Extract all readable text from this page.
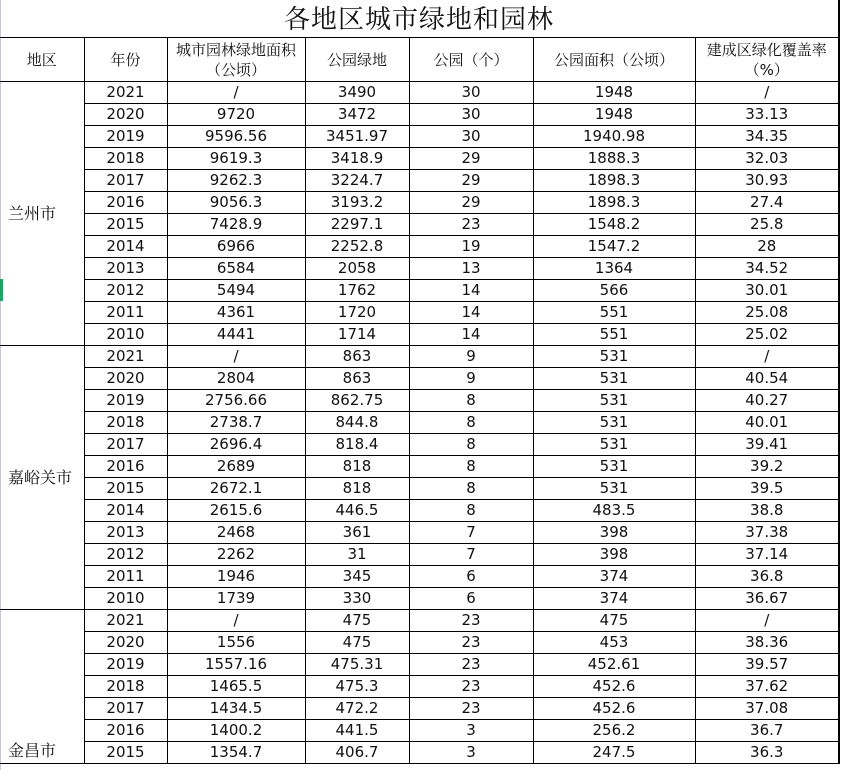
各地区城市绿地和园林
地区	年份	城市园林绿地面积（公顷）	公园绿地	公园（个）	公园面积（公顷）	建成区绿化覆盖率（%）
兰州市	2021	/	3490	30	1948	/
	2020	9720	3472	30	1948	33.13
	2019	9596.56	3451.97	30	1940.98	34.35
	2018	9619.3	3418.9	29	1888.3	32.03
	2017	9262.3	3224.7	29	1898.3	30.93
	2016	9056.3	3193.2	29	1898.3	27.4
	2015	7428.9	2297.1	23	1548.2	25.8
	2014	6966	2252.8	19	1547.2	28
	2013	6584	2058	13	1364	34.52
	2012	5494	1762	14	566	30.01
	2011	4361	1720	14	551	25.08
	2010	4441	1714	14	551	25.02
嘉峪关市	2021	/	863	9	531	/
	2020	2804	863	9	531	40.54
	2019	2756.66	862.75	8	531	40.27
	2018	2738.7	844.8	8	531	40.01
	2017	2696.4	818.4	8	531	39.41
	2016	2689	818	8	531	39.2
	2015	2672.1	818	8	531	39.5
	2014	2615.6	446.5	8	483.5	38.8
	2013	2468	361	7	398	37.38
	2012	2262	31	7	398	37.14
	2011	1946	345	6	374	36.8
	2010	1739	330	6	374	36.67
金昌市	2021	/	475	23	475	/
	2020	1556	475	23	453	38.36
	2019	1557.16	475.31	23	452.61	39.57
	2018	1465.5	475.3	23	452.6	37.62
	2017	1434.5	472.2	23	452.6	37.08
	2016	1400.2	441.5	3	256.2	36.7
	2015	1354.7	406.7	3	247.5	36.3
